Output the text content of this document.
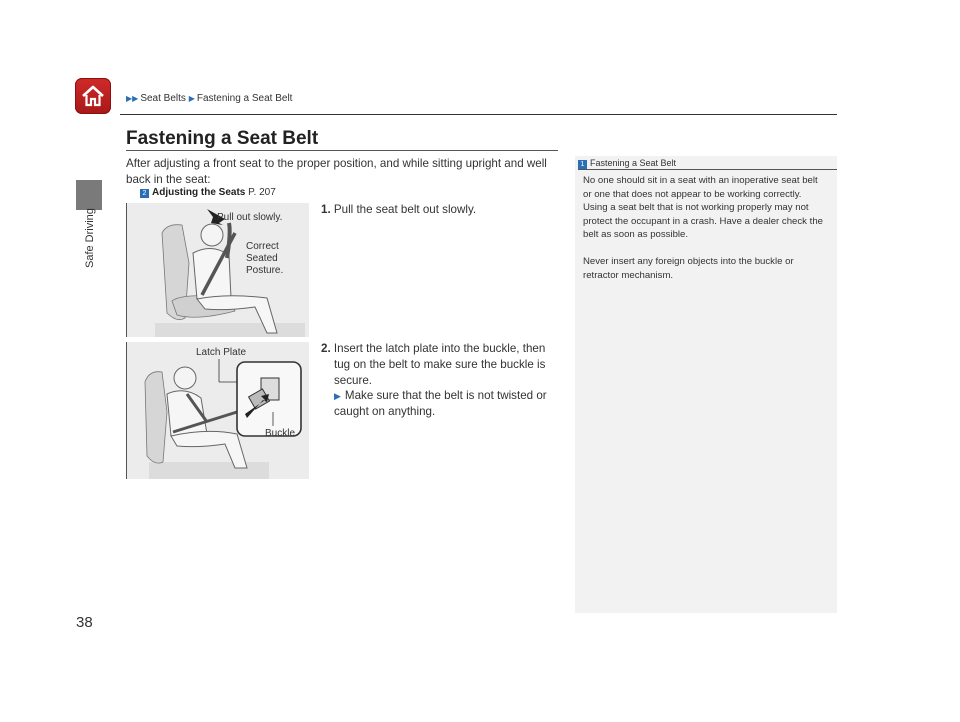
▶▶ Seat Belts ▶ Fastening a Seat Belt
Safe Driving
38
Fastening a Seat Belt
After adjusting a front seat to the proper position, and while sitting upright and well back in the seat:
2 Adjusting the Seats P. 207
Pull out slowly.
Correct
Seated
Posture.
Latch Plate
Buckle
1. Pull the seat belt out slowly.
2. Insert the latch plate into the buckle, then tug on the belt to make sure the buckle is secure.
▶ Make sure that the belt is not twisted or caught on anything.
1 Fastening a Seat Belt

No one should sit in a seat with an inoperative seat belt or one that does not appear to be working correctly. Using a seat belt that is not working properly may not protect the occupant in a crash. Have a dealer check the belt as soon as possible.

Never insert any foreign objects into the buckle or retractor mechanism.
